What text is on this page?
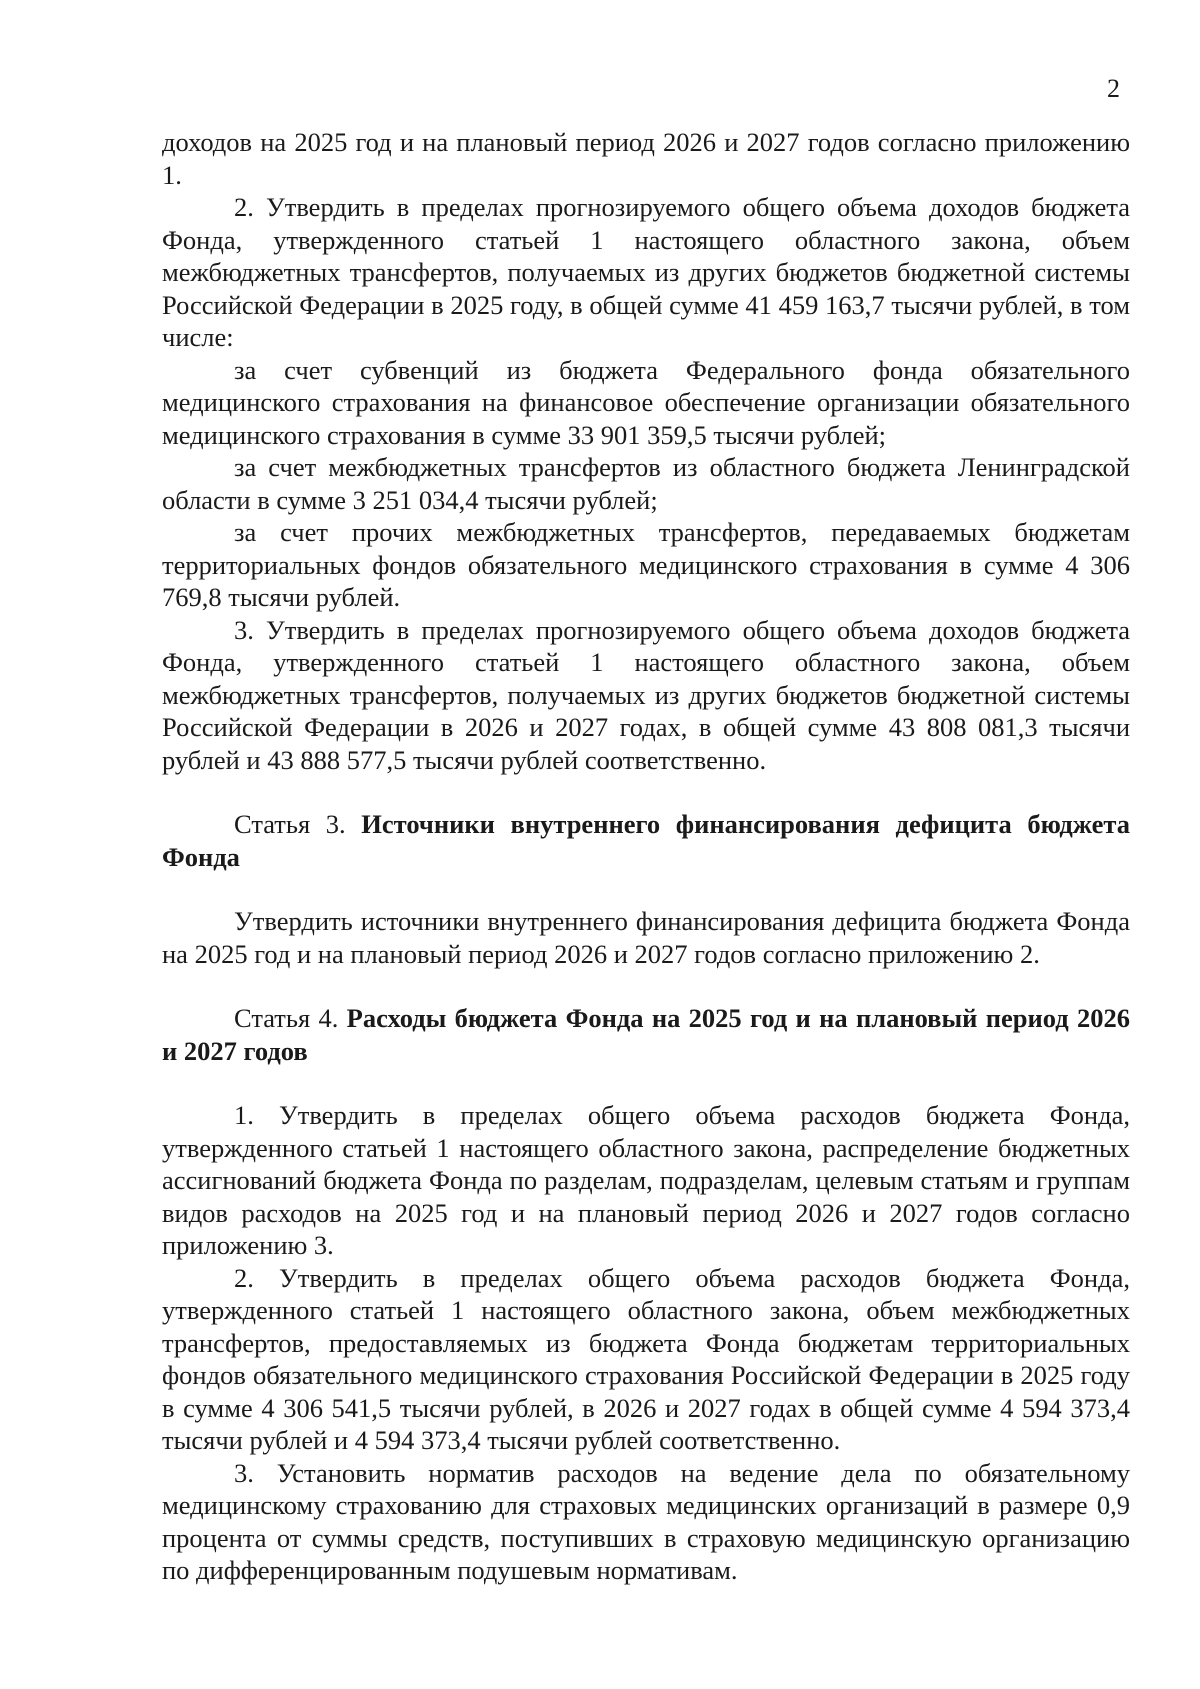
2

доходов на 2025 год и на плановый период 2026 и 2027 годов согласно приложению 1.

2. Утвердить в пределах прогнозируемого общего объема доходов бюджета Фонда, утвержденного статьей 1 настоящего областного закона, объем межбюджетных трансфертов, получаемых из других бюджетов бюджетной системы Российской Федерации в 2025 году, в общей сумме 41 459 163,7 тысячи рублей, в том числе:

за счет субвенций из бюджета Федерального фонда обязательного медицинского страхования на финансовое обеспечение организации обязательного медицинского страхования в сумме 33 901 359,5 тысячи рублей;

за счет межбюджетных трансфертов из областного бюджета Ленинградской области в сумме 3 251 034,4 тысячи рублей;

за счет прочих межбюджетных трансфертов, передаваемых бюджетам территориальных фондов обязательного медицинского страхования в сумме 4 306 769,8 тысячи рублей.

3. Утвердить в пределах прогнозируемого общего объема доходов бюджета Фонда, утвержденного статьей 1 настоящего областного закона, объем межбюджетных трансфертов, получаемых из других бюджетов бюджетной системы Российской Федерации в 2026 и 2027 годах, в общей сумме 43 808 081,3 тысячи рублей и 43 888 577,5 тысячи рублей соответственно.

Статья 3. Источники внутреннего финансирования дефицита бюджета Фонда

Утвердить источники внутреннего финансирования дефицита бюджета Фонда на 2025 год и на плановый период 2026 и 2027 годов согласно приложению 2.

Статья 4. Расходы бюджета Фонда на 2025 год и на плановый период 2026 и 2027 годов

1. Утвердить в пределах общего объема расходов бюджета Фонда, утвержденного статьей 1 настоящего областного закона, распределение бюджетных ассигнований бюджета Фонда по разделам, подразделам, целевым статьям и группам видов расходов на 2025 год и на плановый период 2026 и 2027 годов согласно приложению 3.

2. Утвердить в пределах общего объема расходов бюджета Фонда, утвержденного статьей 1 настоящего областного закона, объем межбюджетных трансфертов, предоставляемых из бюджета Фонда бюджетам территориальных фондов обязательного медицинского страхования Российской Федерации в 2025 году в сумме 4 306 541,5 тысячи рублей, в 2026 и 2027 годах в общей сумме 4 594 373,4 тысячи рублей и 4 594 373,4 тысячи рублей соответственно.

3. Установить норматив расходов на ведение дела по обязательному медицинскому страхованию для страховых медицинских организаций в размере 0,9 процента от суммы средств, поступивших в страховую медицинскую организацию по дифференцированным подушевым нормативам.
